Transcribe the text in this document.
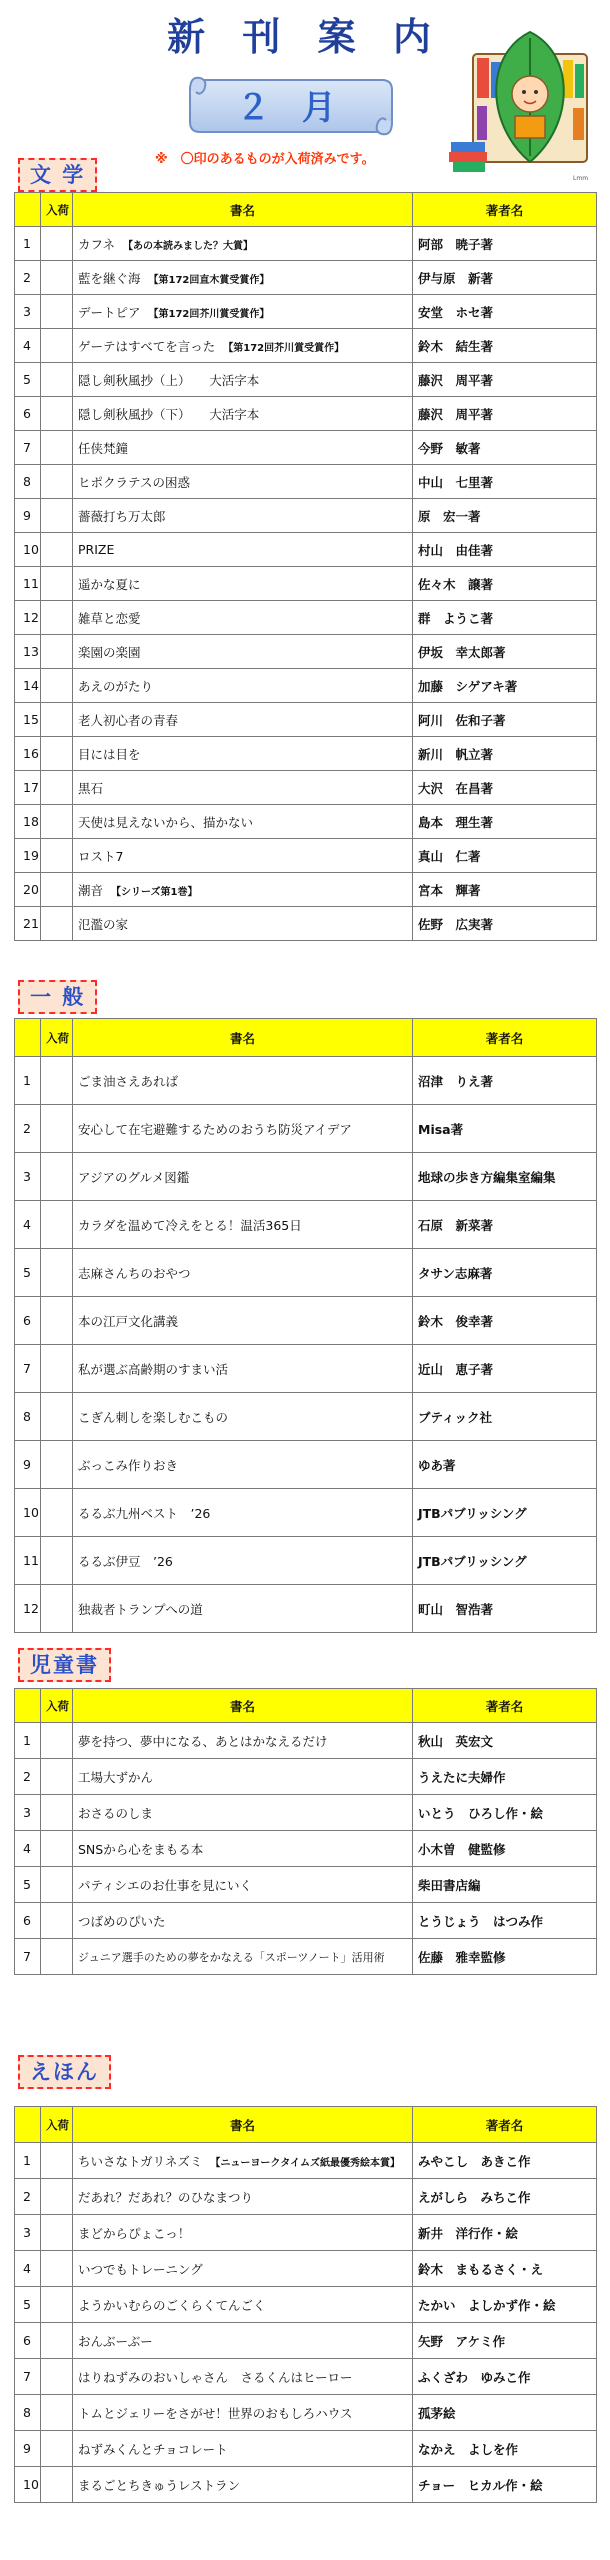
新 刊 案 内
２ 月
※　〇印のあるものが入荷済みです。
Lmm
文 学
一 般
児童書
えほん
	入荷	書名	著者名
1		カフネ 【あの本読みました？大賞】	阿部　暁子著
2		藍を継ぐ海 【第172回直木賞受賞作】	伊与原　新著
3		デートピア 【第172回芥川賞受賞作】	安堂　ホセ著
4		ゲーテはすべてを言った 【第172回芥川賞受賞作】	鈴木　結生著
5		隠し剣秋風抄（上）　　大活字本	藤沢　周平著
6		隠し剣秋風抄（下）　　大活字本	藤沢　周平著
7		任侠梵鐘	今野　敏著
8		ヒポクラテスの困惑	中山　七里著
9		薔薇打ち万太郎	原　宏一著
10		PRIZE	村山　由佳著
11		遥かな夏に	佐々木　譲著
12		雑草と恋愛	群　ようこ著
13		楽園の楽園	伊坂　幸太郎著
14		あえのがたり	加藤　シゲアキ著
15		老人初心者の青春	阿川　佐和子著
16		目には目を	新川　帆立著
17		黒石	大沢　在昌著
18		天使は見えないから、描かない	島本　理生著
19		ロスト7	真山　仁著
20		潮音 【シリーズ第1巻】	宮本　輝著
21		氾濫の家	佐野　広実著
	入荷	書名	著者名
1		ごま油さえあれば	沼津　りえ著
2		安心して在宅避難するためのおうち防災アイデア	Misa著
3		アジアのグルメ図鑑	地球の歩き方編集室編集
4		カラダを温めて冷えをとる！温活365日	石原　新菜著
5		志麻さんちのおやつ	タサン志麻著
6		本の江戸文化講義	鈴木　俊幸著
7		私が選ぶ高齢期のすまい活	近山　恵子著
8		こぎん刺しを楽しむこもの	ブティック社
9		ぶっこみ作りおき	ゆあ著
10		るるぶ九州ベスト　’26	JTBパブリッシング
11		るるぶ伊豆　’26	JTBパブリッシング
12		独裁者トランプへの道	町山　智浩著
	入荷	書名	著者名
1		夢を持つ、夢中になる、あとはかなえるだけ	秋山　英宏文
2		工場大ずかん	うえたに夫婦作
3		おさるのしま	いとう　ひろし作・絵
4		SNSから心をまもる本	小木曽　健監修
5		パティシエのお仕事を見にいく	柴田書店編
6		つばめのぴいた	とうじょう　はつみ作
7		ジュニア選手のための夢をかなえる「スポーツノート」活用術	佐藤　雅幸監修
	入荷	書名	著者名
1		ちいさなトガリネズミ 【ニューヨークタイムズ紙最優秀絵本賞】	みやこし　あきこ作
2		だあれ？だあれ？のひなまつり	えがしら　みちこ作
3		まどからぴょこっ！	新井　洋行作・絵
4		いつでもトレーニング	鈴木　まもるさく・え
5		ようかいむらのごくらくてんごく	たかい　よしかず作・絵
6		おんぶーぶー	矢野　アケミ作
7		はりねずみのおいしゃさん　さるくんはヒーロー	ふくざわ　ゆみこ作
8		トムとジェリーをさがせ！世界のおもしろハウス	孤茅絵
9		ねずみくんとチョコレート	なかえ　よしを作
10		まるごとちきゅうレストラン	チョー　ヒカル作・絵
